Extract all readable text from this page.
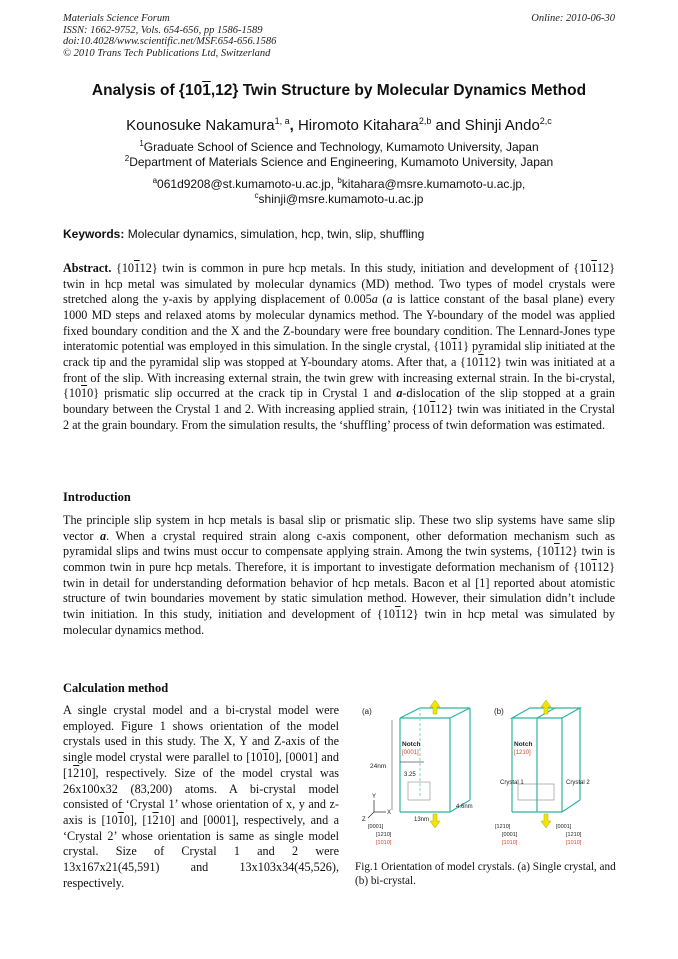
Materials Science Forum
ISSN: 1662-9752, Vols. 654-656, pp 1586-1589
doi:10.4028/www.scientific.net/MSF.654-656.1586
© 2010 Trans Tech Publications Ltd, Switzerland
Online: 2010-06-30
Analysis of {101,12} Twin Structure by Molecular Dynamics Method
Kounosuke Nakamura$^{1, a}$, Hiromoto Kitahara$^{2,b}$ and Shinji Ando$^{2,c}$
$^1$Graduate School of Science and Technology, Kumamoto University, Japan
$^2$Department of Materials Science and Engineering, Kumamoto University, Japan
$^a$061d9208@st.kumamoto-u.ac.jp, $^b$kitahara@msre.kumamoto-u.ac.jp,
$^c$shinji@msre.kumamoto-u.ac.jp
Keywords: Molecular dynamics, simulation, hcp, twin, slip, shuffling
Abstract. {10112} twin is common in pure hcp metals. In this study, initiation and development of {10112} twin in hcp metal was simulated by molecular dynamics (MD) method. Two types of model crystals were stretched along the y-axis by applying displacement of 0.005a (a is lattice constant of the basal plane) every 1000 MD steps and relaxed atoms by molecular dynamics method. The Y-boundary of the model was applied fixed boundary condition and the X and the Z-boundary were free boundary condition. The Lennard-Jones type interatomic potential was employed in this simulation. In the single crystal, {1011} pyramidal slip initiated at the crack tip and the pyramidal slip was stopped at Y-boundary atoms. After that, a {10112} twin was initiated at a front of the slip. With increasing external strain, the twin grew with increasing external strain. In the bi-crystal, {1010} prismatic slip occurred at the crack tip in Crystal 1 and a-dislocation of the slip stopped at a grain boundary between the Crystal 1 and 2. With increasing applied strain, {10112} twin was initiated in the Crystal 2 at the grain boundary. From the simulation results, the ‘shuffling’ process of twin deformation was estimated.
Introduction
The principle slip system in hcp metals is basal slip or prismatic slip. These two slip systems have same slip vector a. When a crystal required strain along c-axis component, other deformation mechanism such as pyramidal slips and twins must occur to compensate applying strain. Among the twin systems, {10112} twin is common twin in pure hcp metals. Therefore, it is important to investigate deformation mechanism of {10112} twin in detail for understanding deformation behavior of hcp metals. Bacon et al [1] reported about atomistic structure of twin boundaries movement by static simulation method. However, their simulation didn’t include twin initiation. In this study, initiation and development of {10112} twin in hcp metal was simulated by molecular dynamics method.
Calculation method
A single crystal model and a bi-crystal model were employed. Figure 1 shows orientation of the model crystals used in this study. The X, Y and Z-axis of the single model crystal were parallel to [1010], [0001] and [1210], respectively. Size of the model crystal was 26x100x32 (83,200) atoms. A bi-crystal model consisted of ‘Crystal 1’ whose orientation of x, y and z-axis is [1010], [1210] and [0001], respectively, and a ‘Crystal 2’ whose orientation is same as single model crystal. Size of Crystal 1 and 2 were 13x167x21(45,591) and 13x103x34(45,526), respectively.
(a)
Notch
[0001]
3.25
24nm
4.6nm
13nm
Y
X
Z
[0001]
[1210]
[1010]
(b)
Notch
[1210]
Crystal 1	Crystal 2
[1210]
[0001]
[1010]
[0001]
[1210]
[1010]
Fig.1 Orientation of model crystals. (a) Single crystal, and (b) bi-crystal.
